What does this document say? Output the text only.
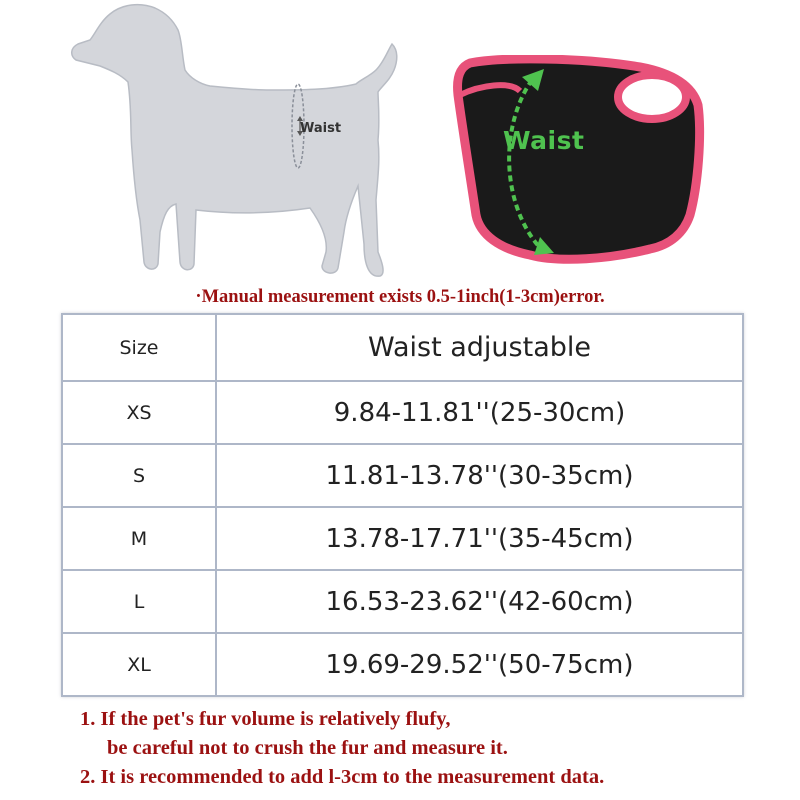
Waist	Waist
·Manual measurement exists 0.5-1inch(1-3cm)error.
Size	Waist adjustable
XS	9.84-11.81''(25-30cm)
S	11.81-13.78''(30-35cm)
M	13.78-17.71''(35-45cm)
L	16.53-23.62''(42-60cm)
XL	19.69-29.52''(50-75cm)
1. If the pet's fur volume is relatively flufy,
be careful not to crush the fur and measure it.
2. It is recommended to add l-3cm to the measurement data.
